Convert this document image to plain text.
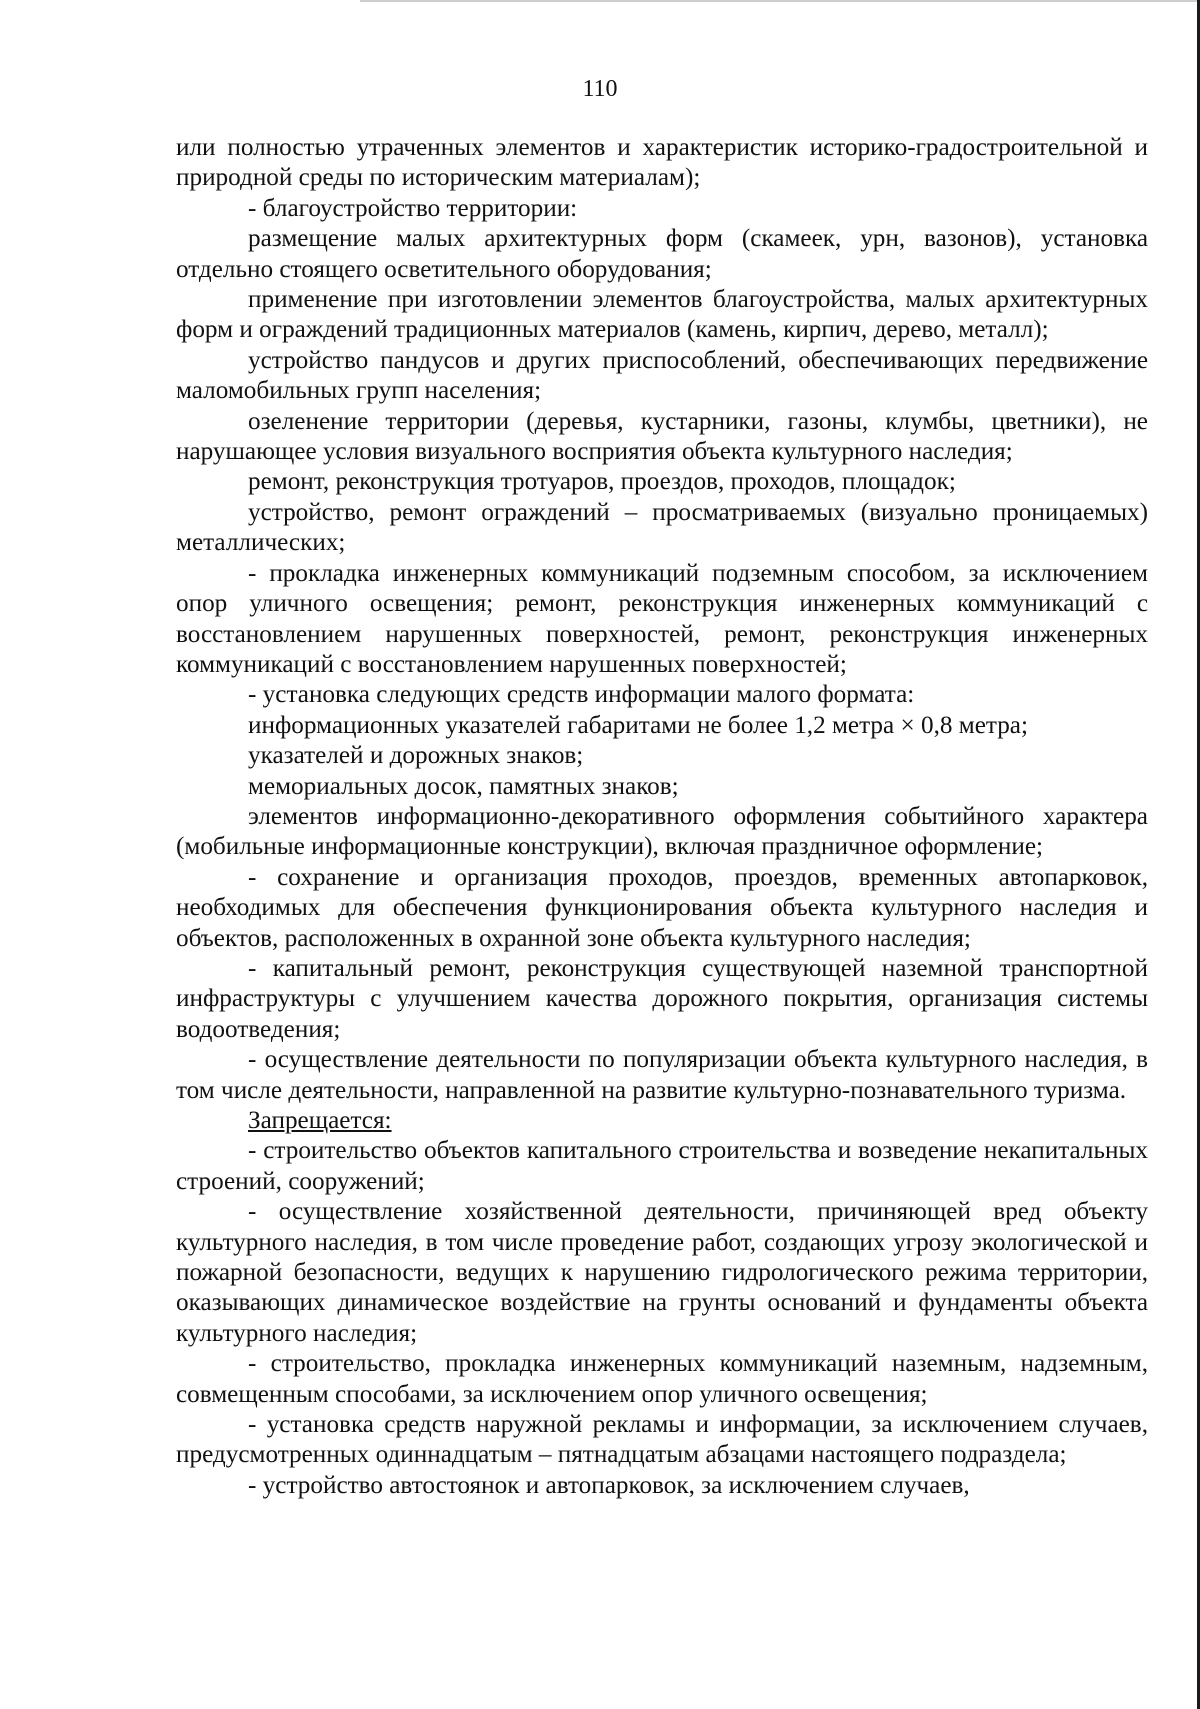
110

или полностью утраченных элементов и характеристик историко-градостроительной и природной среды по историческим материалам);

- благоустройство территории:

размещение малых архитектурных форм (скамеек, урн, вазонов), установка отдельно стоящего осветительного оборудования;

применение при изготовлении элементов благоустройства, малых архитектурных форм и ограждений традиционных материалов (камень, кирпич, дерево, металл);

устройство пандусов и других приспособлений, обеспечивающих передвижение маломобильных групп населения;

озеленение территории (деревья, кустарники, газоны, клумбы, цветники), не нарушающее условия визуального восприятия объекта культурного наследия;

ремонт, реконструкция тротуаров, проездов, проходов, площадок;

устройство, ремонт ограждений – просматриваемых (визуально проницаемых) металлических;

- прокладка инженерных коммуникаций подземным способом, за исключением опор уличного освещения; ремонт, реконструкция инженерных коммуникаций с восстановлением нарушенных поверхностей, ремонт, реконструкция инженерных коммуникаций с восстановлением нарушенных поверхностей;

- установка следующих средств информации малого формата:

информационных указателей габаритами не более 1,2 метра × 0,8 метра;

указателей и дорожных знаков;

мемориальных досок, памятных знаков;

элементов информационно-декоративного оформления событийного характера (мобильные информационные конструкции), включая праздничное оформление;

- сохранение и организация проходов, проездов, временных автопарковок, необходимых для обеспечения функционирования объекта культурного наследия и объектов, расположенных в охранной зоне объекта культурного наследия;

- капитальный ремонт, реконструкция существующей наземной транспортной инфраструктуры с улучшением качества дорожного покрытия, организация системы водоотведения;

- осуществление деятельности по популяризации объекта культурного наследия, в том числе деятельности, направленной на развитие культурно-познавательного туризма.

Запрещается:

- строительство объектов капитального строительства и возведение некапитальных строений, сооружений;

- осуществление хозяйственной деятельности, причиняющей вред объекту культурного наследия, в том числе проведение работ, создающих угрозу экологической и пожарной безопасности, ведущих к нарушению гидрологического режима территории, оказывающих динамическое воздействие на грунты оснований и фундаменты объекта культурного наследия;

- строительство, прокладка инженерных коммуникаций наземным, надземным, совмещенным способами, за исключением опор уличного освещения;

- установка средств наружной рекламы и информации, за исключением случаев, предусмотренных одиннадцатым – пятнадцатым абзацами настоящего подраздела;

- устройство автостоянок и автопарковок, за исключением случаев,
